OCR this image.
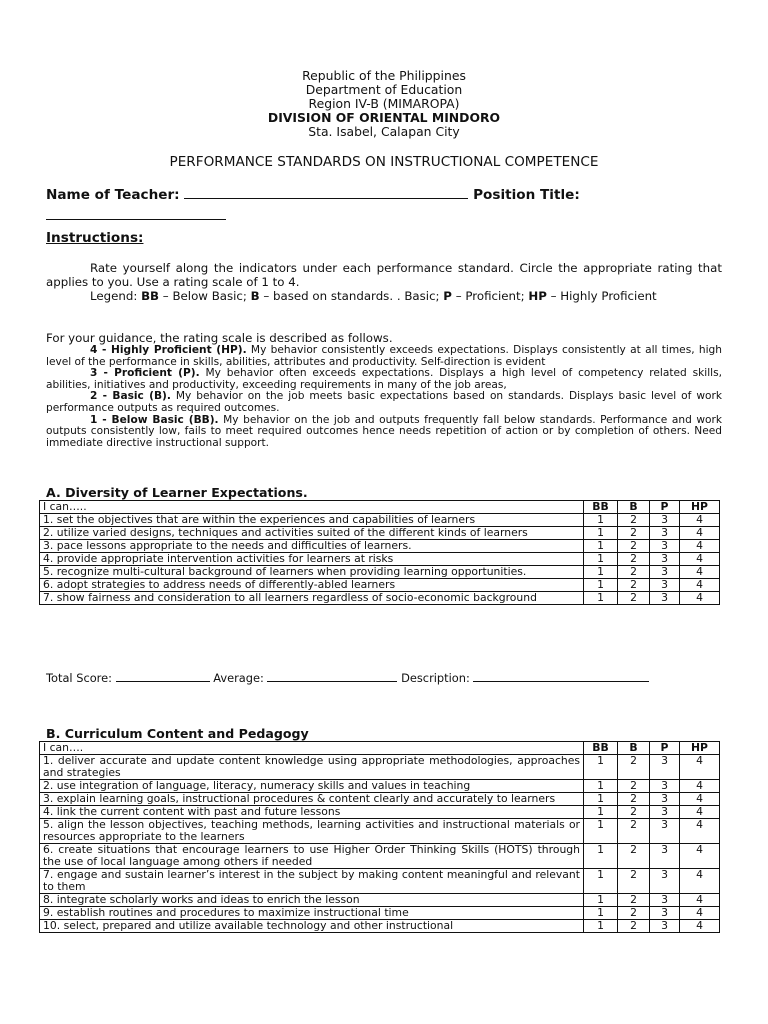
Republic of the Philippines
Department of Education
Region IV-B (MIMAROPA)
DIVISION OF ORIENTAL MINDORO
Sta. Isabel, Calapan City
PERFORMANCE STANDARDS ON INSTRUCTIONAL COMPETENCE
Name of Teacher:	Position Title:

Instructions:
Rate yourself along the indicators under each performance standard. Circle the appropriate rating that applies to you. Use a rating scale of 1 to 4.
Legend: BB – Below Basic; B – based on standards. . Basic; P – Proficient; HP – Highly Proficient
For your guidance, the rating scale is described as follows.
4 - Highly Proficient (HP). My behavior consistently exceeds expectations. Displays consistently at all times, high level of the performance in skills, abilities, attributes and productivity. Self-direction is evident
3 - Proficient (P). My behavior often exceeds expectations. Displays a high level of competency related skills, abilities, initiatives and productivity, exceeding requirements in many of the job areas,
2 - Basic (B). My behavior on the job meets basic expectations based on standards. Displays basic level of work performance outputs as required outcomes.
1 - Below Basic (BB). My behavior on the job and outputs frequently fall below standards. Performance and work outputs consistently low, fails to meet required outcomes hence needs repetition of action or by completion of others. Need immediate directive instructional support.
A. Diversity of Learner Expectations.
I can…..	BB	B	P	HP
1. set the objectives that are within the experiences and capabilities of learners	1	2	3	4
2. utilize varied designs, techniques and activities suited of the different kinds of learners	1	2	3	4
3. pace lessons appropriate to the needs and difficulties of learners.	1	2	3	4
4. provide appropriate intervention activities for learners at risks	1	2	3	4
5. recognize multi-cultural background of learners when providing learning opportunities.	1	2	3	4
6. adopt strategies to address needs of differently-abled learners	1	2	3	4
7. show fairness and consideration to all learners regardless of socio-economic background	1	2	3	4
Total Score:	Average:	Description:
B. Curriculum Content and Pedagogy
I can….	BB	B	P	HP
1. deliver accurate and update content knowledge using appropriate methodologies, approaches and strategies	1	2	3	4
2. use integration of language, literacy, numeracy skills and values in teaching	1	2	3	4
3. explain learning goals, instructional procedures & content clearly and accurately to learners	1	2	3	4
4. link the current content with past and future lessons	1	2	3	4
5. align the lesson objectives, teaching methods, learning activities and instructional materials or resources appropriate to the learners	1	2	3	4
6. create situations that encourage learners to use Higher Order Thinking Skills (HOTS) through the use of local language among others if needed	1	2	3	4
7. engage and sustain learner’s interest in the subject by making content meaningful and relevant to them	1	2	3	4
8. integrate scholarly works and ideas to enrich the lesson	1	2	3	4
9. establish routines and procedures to maximize instructional time	1	2	3	4
10. select, prepared and utilize available technology and other instructional	1	2	3	4
